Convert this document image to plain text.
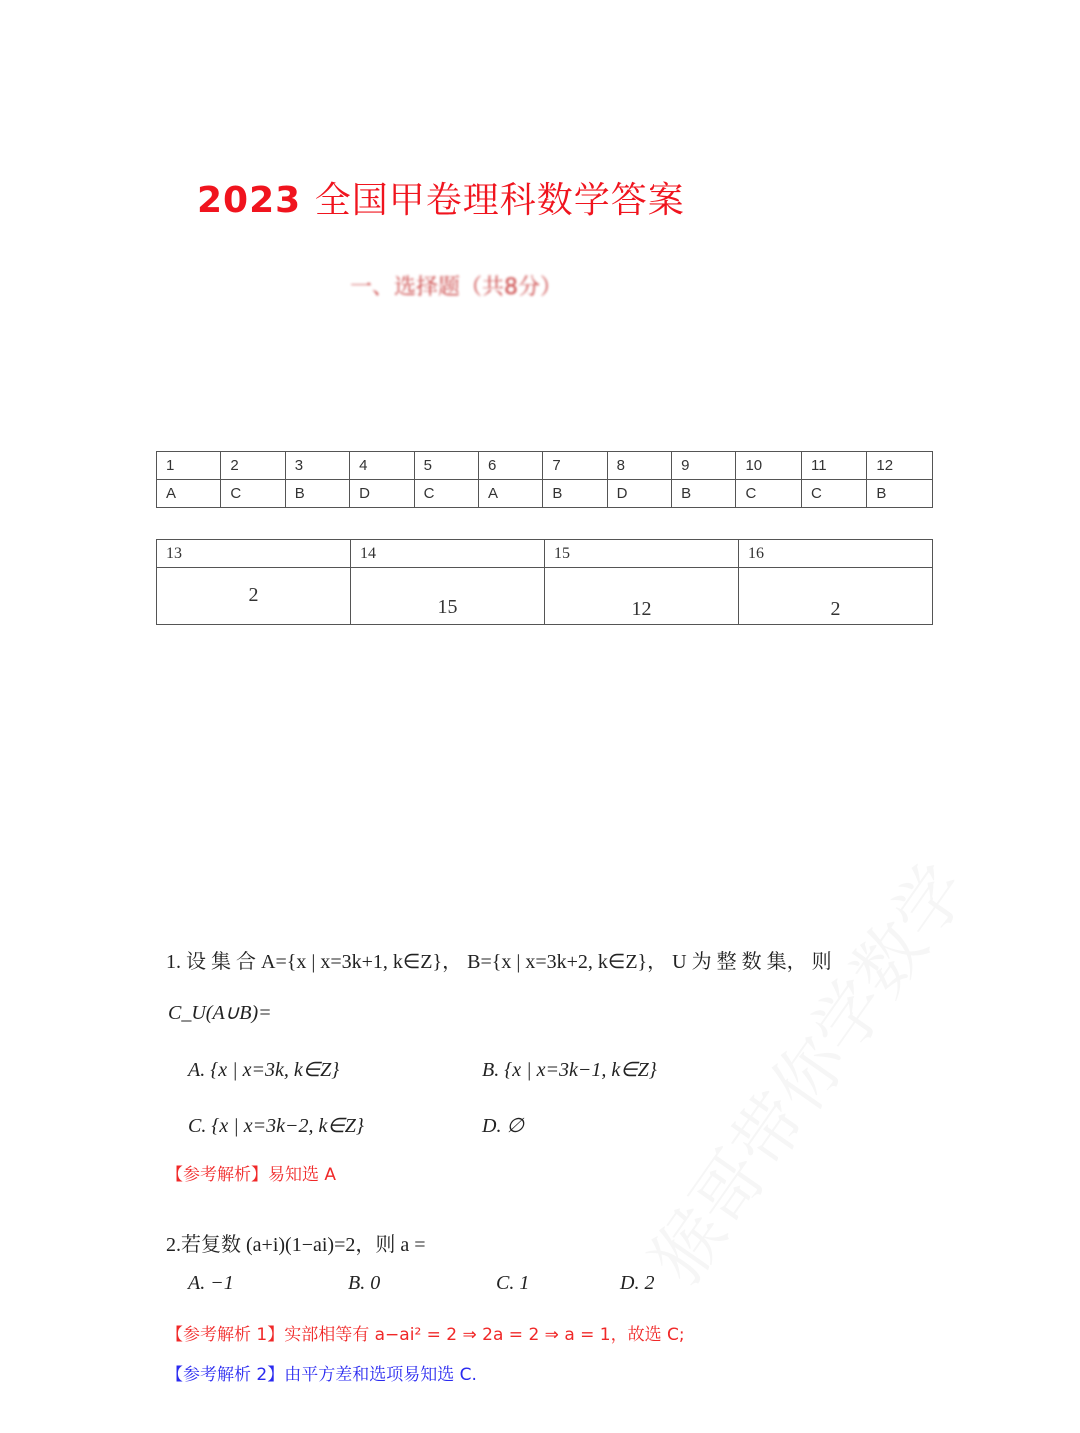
2023 全国甲卷理科数学答案
一、选择题（共8分）
1	2	3	4	5	6	7	8	9	10	11	12
A	C	B	D	C	A	B	D	B	C	C	B
13	14	15	16

2	15	12	2
1. 设 集 合 A={x | x=3k+1, k∈Z}， B={x | x=3k+2, k∈Z}， U 为 整 数 集， 则
C_U(A∪B)=
A. {x | x=3k, k∈Z}	B. {x | x=3k−1, k∈Z}
C. {x | x=3k−2, k∈Z}	D. ∅
【参考解析】易知选 A
2.若复数 (a+i)(1−ai)=2，则 a =
A. −1	B. 0	C. 1	D. 2
【参考解析 1】实部相等有 a−ai² = 2 ⇒ 2a = 2 ⇒ a = 1，故选 C;
【参考解析 2】由平方差和选项易知选 C.
